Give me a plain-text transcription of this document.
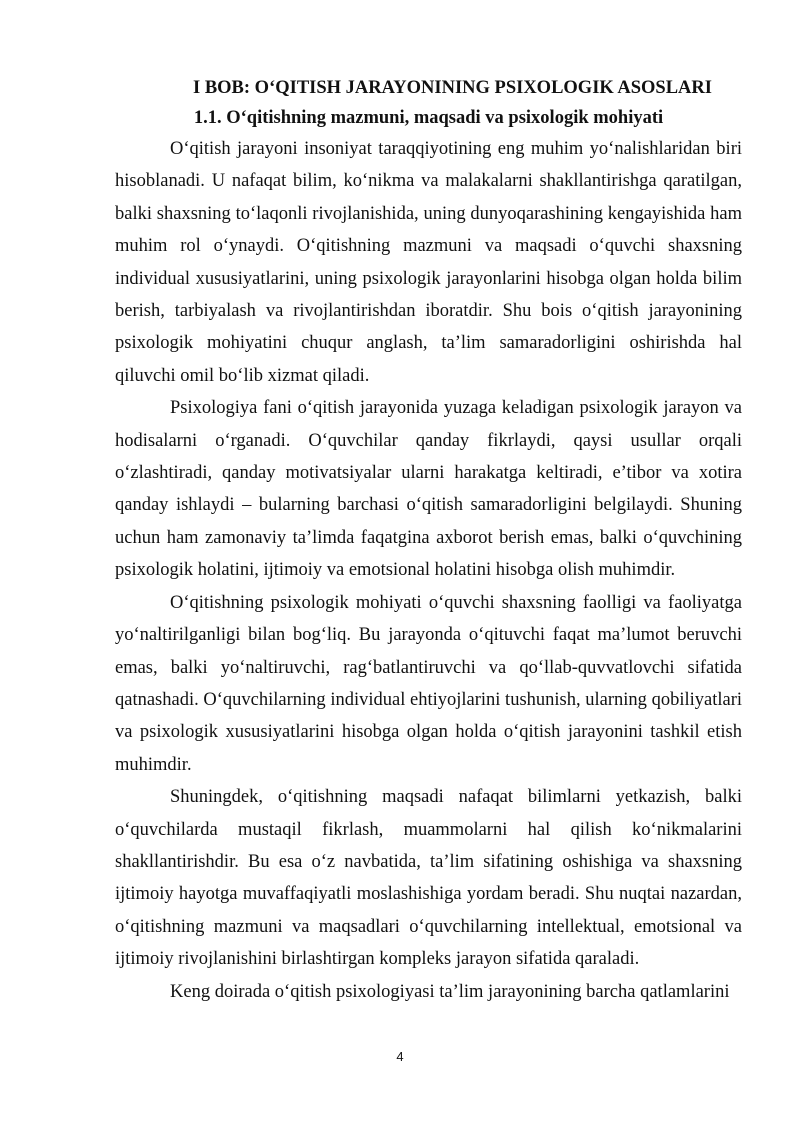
I BOB: O‘QITISH JARAYONINING PSIXOLOGIK ASOSLARI
1.1. O‘qitishning mazmuni, maqsadi va psixologik mohiyati

O‘qitish jarayoni insoniyat taraqqiyotining eng muhim yo‘nalishlaridan biri hisoblanadi. U nafaqat bilim, ko‘nikma va malakalarni shakllantirishga qaratilgan, balki shaxsning to‘laqonli rivojlanishida, uning dunyoqarashining kengayishida ham muhim rol o‘ynaydi. O‘qitishning mazmuni va maqsadi o‘quvchi shaxsning individual xususiyatlarini, uning psixologik jarayonlarini hisobga olgan holda bilim berish, tarbiyalash va rivojlantirishdan iboratdir. Shu bois o‘qitish jarayonining psixologik mohiyatini chuqur anglash, ta’lim samaradorligini oshirishda hal qiluvchi omil bo‘lib xizmat qiladi.

Psixologiya fani o‘qitish jarayonida yuzaga keladigan psixologik jarayon va hodisalarni o‘rganadi. O‘quvchilar qanday fikrlaydi, qaysi usullar orqali o‘zlashtiradi, qanday motivatsiyalar ularni harakatga keltiradi, e’tibor va xotira qanday ishlaydi – bularning barchasi o‘qitish samaradorligini belgilaydi. Shuning uchun ham zamonaviy ta’limda faqatgina axborot berish emas, balki o‘quvchining psixologik holatini, ijtimoiy va emotsional holatini hisobga olish muhimdir.

O‘qitishning psixologik mohiyati o‘quvchi shaxsning faolligi va faoliyatga yo‘naltirilganligi bilan bog‘liq. Bu jarayonda o‘qituvchi faqat ma’lumot beruvchi emas, balki yo‘naltiruvchi, rag‘batlantiruvchi va qo‘llab-quvvatlovchi sifatida qatnashadi. O‘quvchilarning individual ehtiyojlarini tushunish, ularning qobiliyatlari va psixologik xususiyatlarini hisobga olgan holda o‘qitish jarayonini tashkil etish muhimdir.

Shuningdek, o‘qitishning maqsadi nafaqat bilimlarni yetkazish, balki o‘quvchilarda mustaqil fikrlash, muammolarni hal qilish ko‘nikmalarini shakllantirishdir. Bu esa o‘z navbatida, ta’lim sifatining oshishiga va shaxsning ijtimoiy hayotga muvaffaqiyatli moslashishiga yordam beradi. Shu nuqtai nazardan, o‘qitishning mazmuni va maqsadlari o‘quvchilarning intellektual, emotsional va ijtimoiy rivojlanishini birlashtirgan kompleks jarayon sifatida qaraladi.

Keng doirada o‘qitish psixologiyasi ta’lim jarayonining barcha qatlamlarini

4
